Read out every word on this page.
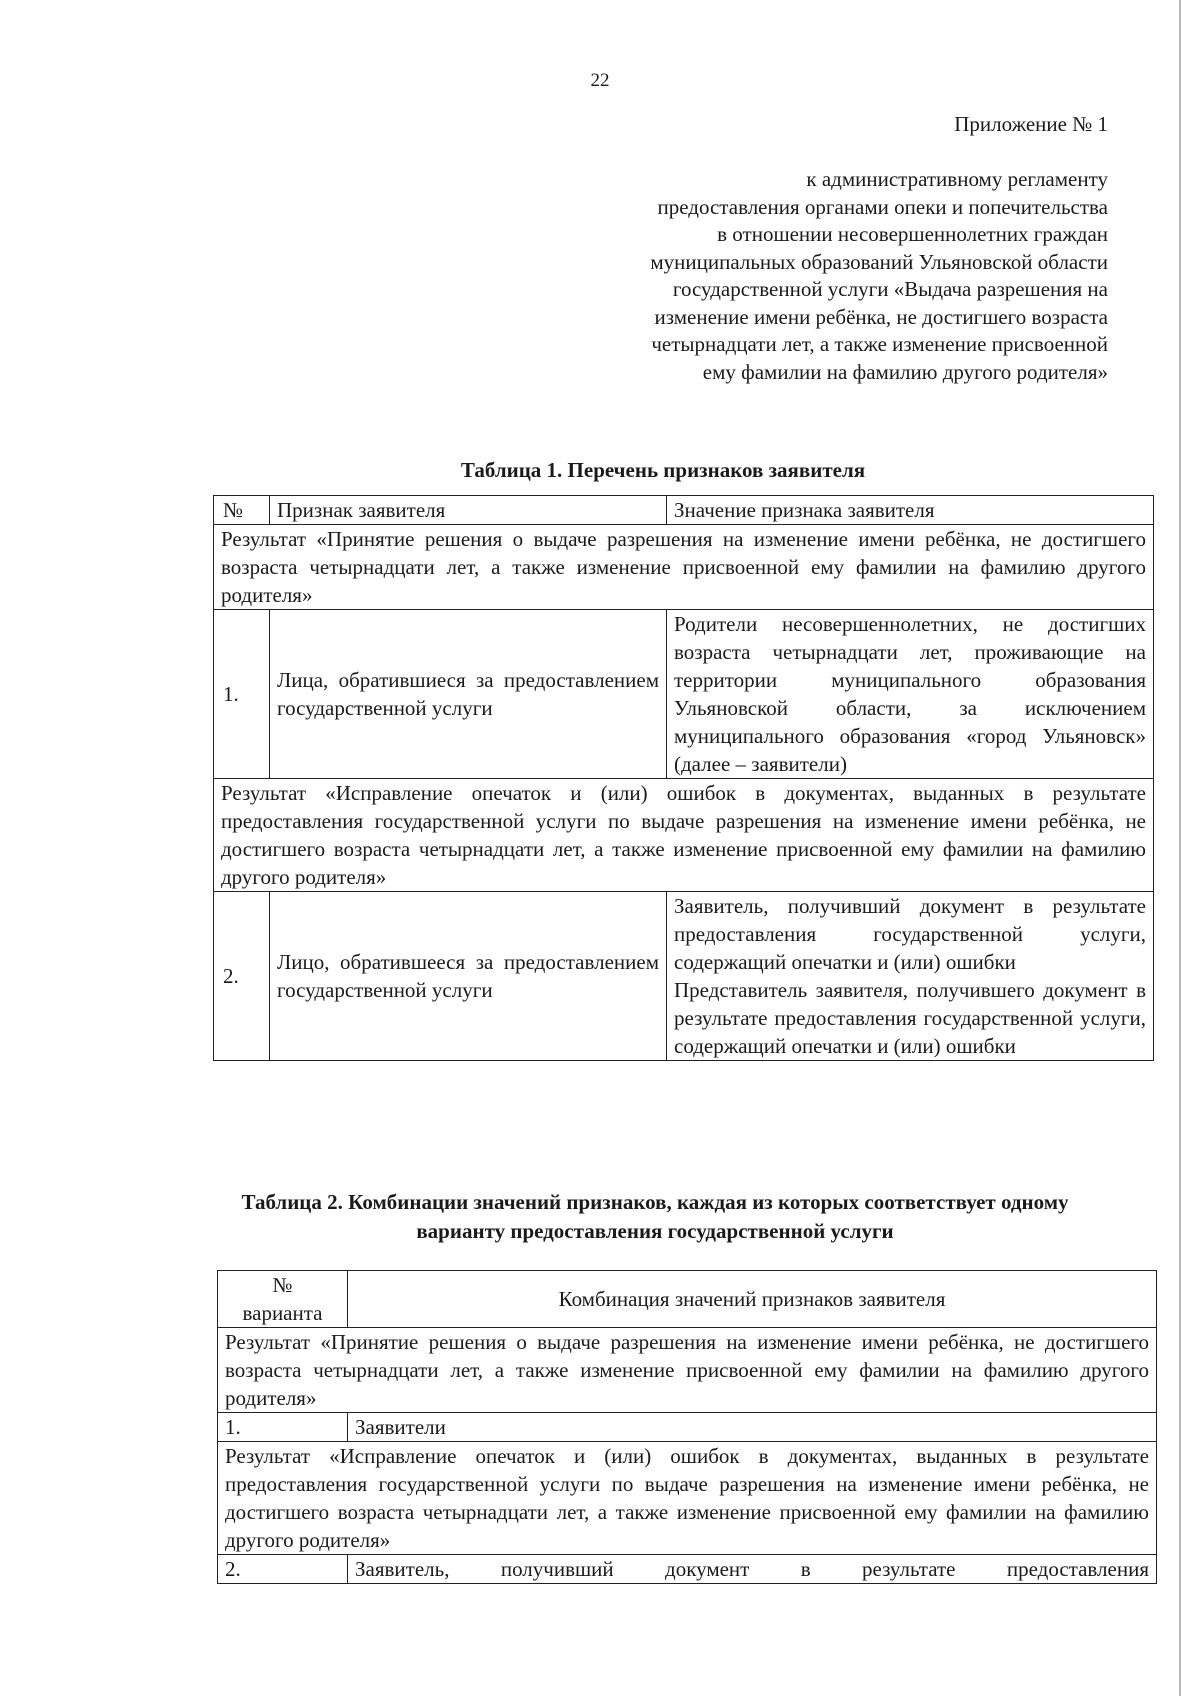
22
Приложение № 1
к административному регламенту
предоставления органами опеки и попечительства
в отношении несовершеннолетних граждан
муниципальных образований Ульяновской области
государственной услуги «Выдача разрешения на
изменение имени ребёнка, не достигшего возраста
четырнадцати лет, а также изменение присвоенной
ему фамилии на фамилию другого родителя»
Таблица 1. Перечень признаков заявителя
№	Признак заявителя	Значение признака заявителя
Результат «Принятие решения о выдаче разрешения на изменение имени ребёнка, не достигшего возраста четырнадцати лет, а также изменение присвоенной ему фамилии на фамилию другого родителя»		
1.	Лица, обратившиеся за предоставлением государственной услуги	Родители несовершеннолетних, не достигших возраста четырнадцати лет, проживающие на территории муниципального образования Ульяновской области, за исключением муниципального образования «город Ульяновск» (далее – заявители)
Результат «Исправление опечаток и (или) ошибок в документах, выданных в результате предоставления государственной услуги по выдаче разрешения на изменение имени ребёнка, не достигшего возраста четырнадцати лет, а также изменение присвоенной ему фамилии на фамилию другого родителя»		
2.	Лицо, обратившееся за предоставлением государственной услуги	Заявитель, получивший документ в результате предоставления государственной услуги, содержащий опечатки и (или) ошибки
Представитель заявителя, получившего документ в результате предоставления государственной услуги, содержащий опечатки и (или) ошибки
Таблица 2. Комбинации значений признаков, каждая из которых соответствует одному
варианту предоставления государственной услуги
№
варианта	Комбинация значений признаков заявителя
Результат «Принятие решения о выдаче разрешения на изменение имени ребёнка, не достигшего возраста четырнадцати лет, а также изменение присвоенной ему фамилии на фамилию другого родителя»	
1.	Заявители
Результат «Исправление опечаток и (или) ошибок в документах, выданных в результате предоставления государственной услуги по выдаче разрешения на изменение имени ребёнка, не достигшего возраста четырнадцати лет, а также изменение присвоенной ему фамилии на фамилию другого родителя»	
2.	Заявитель, получивший документ в результате предоставления
